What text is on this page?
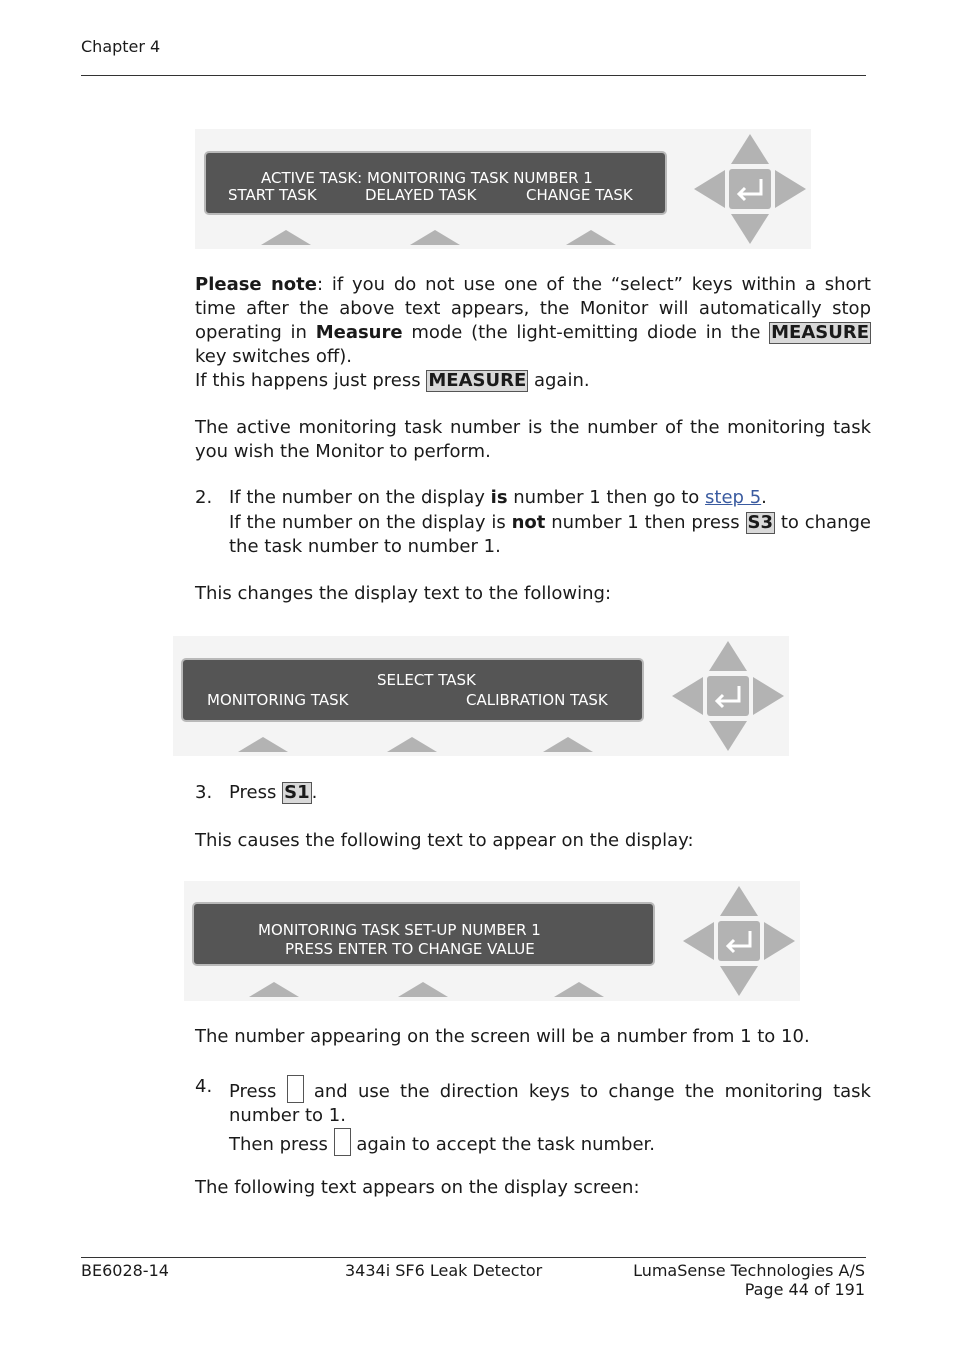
Chapter 4
ACTIVE TASK: MONITORING TASK NUMBER 1
START TASK	DELAYED TASK	CHANGE TASK
Please note: if you do not use one of the “select” keys within a short time after the above text appears, the Monitor will automatically stop operating in Measure mode (the light-emitting diode in the MEASURE key switches off).
If this happens just press MEASURE again.
The active monitoring task number is the number of the monitoring task you wish the Monitor to perform.
2. If the number on the display is number 1 then go to step 5.
If the number on the display is not number 1 then press S3 to change the task number to number 1.
This changes the display text to the following:
SELECT TASK
MONITORING TASK	CALIBRATION TASK
3. Press S1 .
This causes the following text to appear on the display:
MONITORING TASK SET-UP NUMBER 1
PRESS ENTER TO CHANGE VALUE
The number appearing on the screen will be a number from 1 to 10.
4. Press  and use the direction keys to change the monitoring task number to 1.
Then press  again to accept the task number.
The following text appears on the display screen:
BE6028-14	3434i SF6 Leak Detector	LumaSense Technologies A/S
Page 44 of 191
